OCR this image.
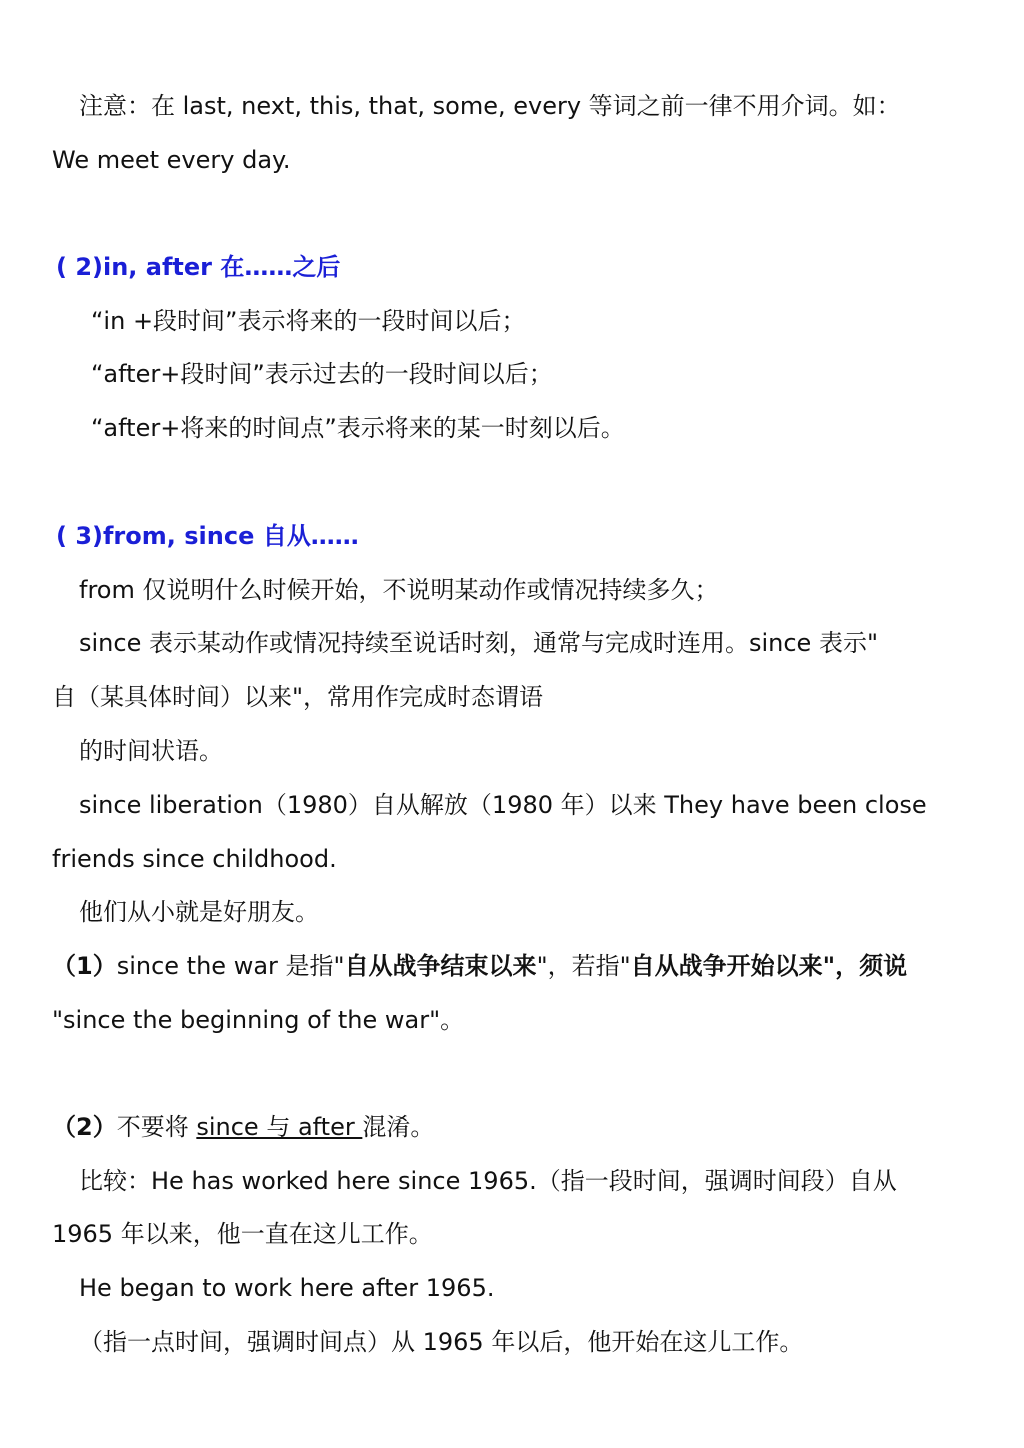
注意：在 last, next, this, that, some, every 等词之前一律不用介词。如：
We meet every day.
( 2)in, after 在……之后
“in +段时间”表示将来的一段时间以后；
“after+段时间”表示过去的一段时间以后；
“after+将来的时间点”表示将来的某一时刻以后。
( 3)from, since 自从……
from 仅说明什么时候开始，不说明某动作或情况持续多久；
since 表示某动作或情况持续至说话时刻，通常与完成时连用。since 表示"
自（某具体时间）以来"，常用作完成时态谓语
的时间状语。
since liberation（1980）自从解放（1980 年）以来 They have been close
friends since childhood.
他们从小就是好朋友。
（1）since the war 是指"自从战争结束以来"，若指"自从战争开始以来"，须说
"since the beginning of the war"。
（2）不要将 since 与 after 混淆。
比较：He has worked here since 1965.（指一段时间，强调时间段）自从
1965 年以来，他一直在这儿工作。
He began to work here after 1965.
（指一点时间，强调时间点）从 1965 年以后，他开始在这儿工作。
